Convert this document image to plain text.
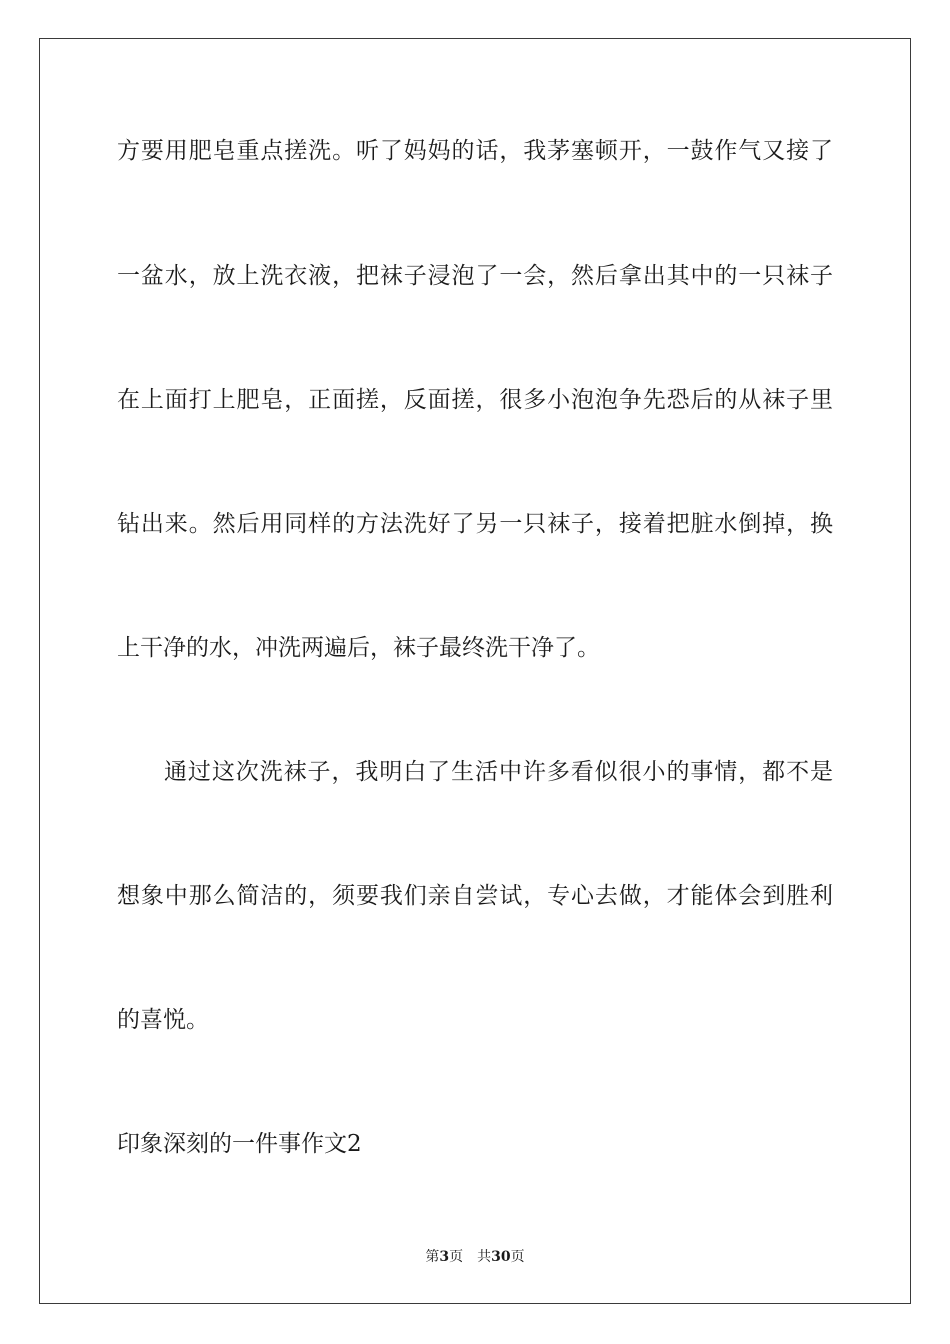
方要用肥皂重点搓洗。听了妈妈的话，我茅塞顿开，一鼓作气又接了
一盆水，放上洗衣液，把袜子浸泡了一会，然后拿出其中的一只袜子
在上面打上肥皂，正面搓，反面搓，很多小泡泡争先恐后的从袜子里
钻出来。然后用同样的方法洗好了另一只袜子，接着把脏水倒掉，换
上干净的水，冲洗两遍后，袜子最终洗干净了。
通过这次洗袜子，我明白了生活中许多看似很小的事情，都不是
想象中那么简洁的，须要我们亲自尝试，专心去做，才能体会到胜利
的喜悦。
印象深刻的一件事作文2
第3页 共30页
